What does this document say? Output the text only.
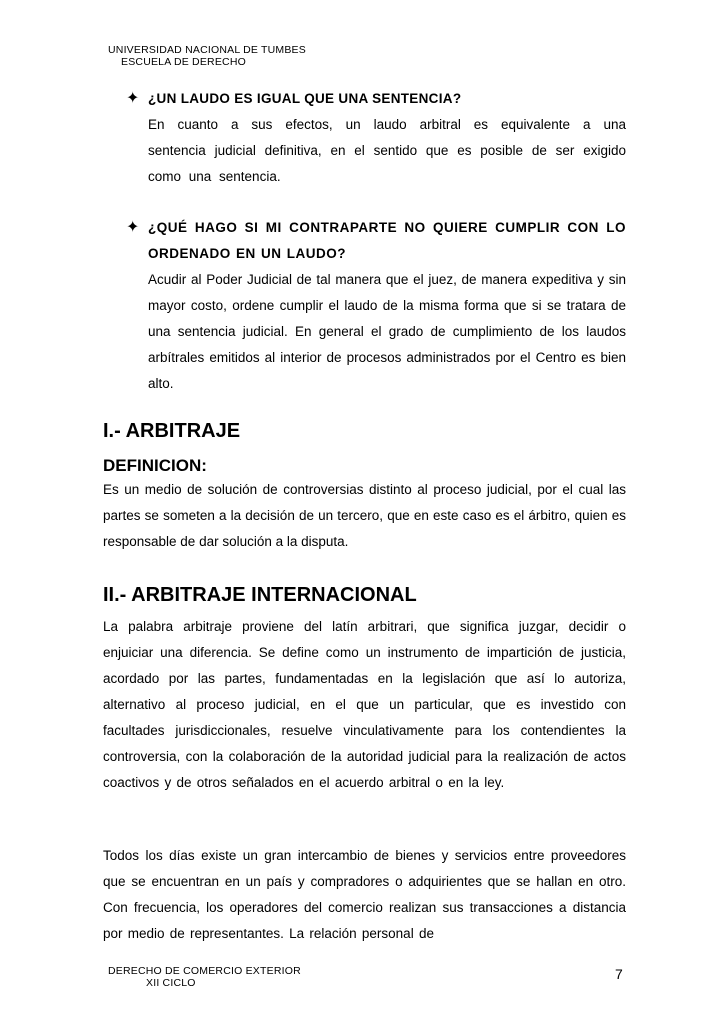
UNIVERSIDAD NACIONAL DE TUMBES
ESCUELA DE DERECHO
✦ ¿UN LAUDO ES IGUAL QUE UNA SENTENCIA?
En cuanto a sus efectos, un laudo arbitral es equivalente a una sentencia judicial definitiva, en el sentido que es posible de ser exigido como una sentencia.
✦ ¿QUÉ HAGO SI MI CONTRAPARTE NO QUIERE CUMPLIR CON LO ORDENADO EN UN LAUDO?
Acudir al Poder Judicial de tal manera que el juez, de manera expeditiva y sin mayor costo, ordene cumplir el laudo de la misma forma que si se tratara de una sentencia judicial. En general el grado de cumplimiento de los laudos arbítrales emitidos al interior de procesos administrados por el Centro es bien alto.
I.- ARBITRAJE
DEFINICION:
Es un medio de solución de controversias distinto al proceso judicial, por el cual las partes se someten a la decisión de un tercero, que en este caso es el árbitro, quien es responsable de dar solución a la disputa.
II.- ARBITRAJE INTERNACIONAL
La palabra arbitraje proviene del latín arbitrari, que significa juzgar, decidir o enjuiciar una diferencia. Se define como un instrumento de impartición de justicia, acordado por las partes, fundamentadas en la legislación que así lo autoriza, alternativo al proceso judicial, en el que un particular, que es investido con facultades jurisdiccionales, resuelve vinculativamente para los contendientes la controversia, con la colaboración de la autoridad judicial para la realización de actos coactivos y de otros señalados en el acuerdo arbitral o en la ley.
Todos los días existe un gran intercambio de bienes y servicios entre proveedores que se encuentran en un país y compradores o adquirientes que se hallan en otro. Con frecuencia, los operadores del comercio realizan sus transacciones a distancia por medio de representantes. La relación personal de
DERECHO DE COMERCIO EXTERIOR
XII CICLO
7
